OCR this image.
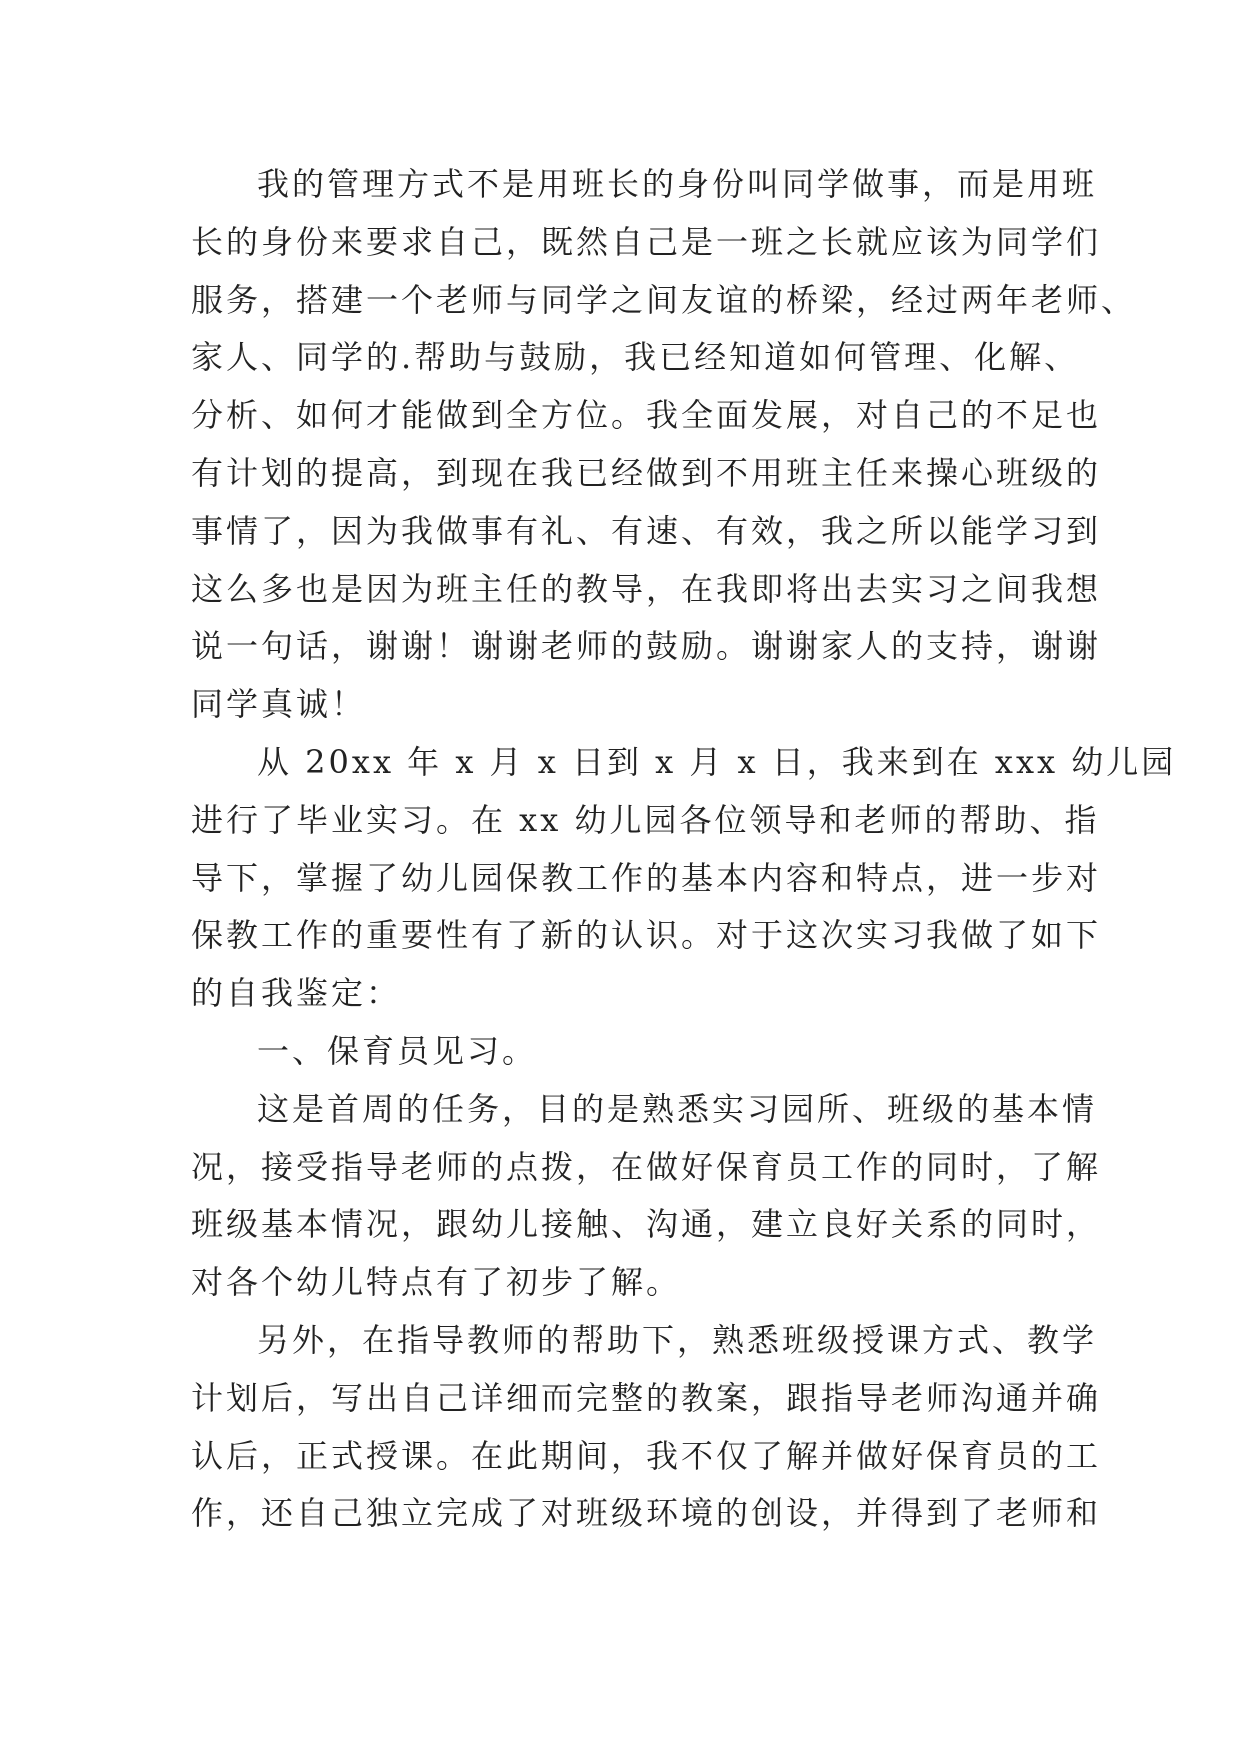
我的管理方式不是用班长的身份叫同学做事，而是用班
长的身份来要求自己，既然自己是一班之长就应该为同学们
服务，搭建一个老师与同学之间友谊的桥梁，经过两年老师、
家人、同学的.帮助与鼓励，我已经知道如何管理、化解、
分析、如何才能做到全方位。我全面发展，对自己的不足也
有计划的提高，到现在我已经做到不用班主任来操心班级的
事情了，因为我做事有礼、有速、有效，我之所以能学习到
这么多也是因为班主任的教导，在我即将出去实习之间我想
说一句话，谢谢！谢谢老师的鼓励。谢谢家人的支持，谢谢
同学真诚！
从 20xx 年 x 月 x 日到 x 月 x 日，我来到在 xxx 幼儿园
进行了毕业实习。在 xx 幼儿园各位领导和老师的帮助、指
导下，掌握了幼儿园保教工作的基本内容和特点，进一步对
保教工作的重要性有了新的认识。对于这次实习我做了如下
的自我鉴定：
一、保育员见习。
这是首周的任务，目的是熟悉实习园所、班级的基本情
况，接受指导老师的点拨，在做好保育员工作的同时，了解
班级基本情况，跟幼儿接触、沟通，建立良好关系的同时，
对各个幼儿特点有了初步了解。
另外，在指导教师的帮助下，熟悉班级授课方式、教学
计划后，写出自己详细而完整的教案，跟指导老师沟通并确
认后，正式授课。在此期间，我不仅了解并做好保育员的工
作，还自己独立完成了对班级环境的创设，并得到了老师和
